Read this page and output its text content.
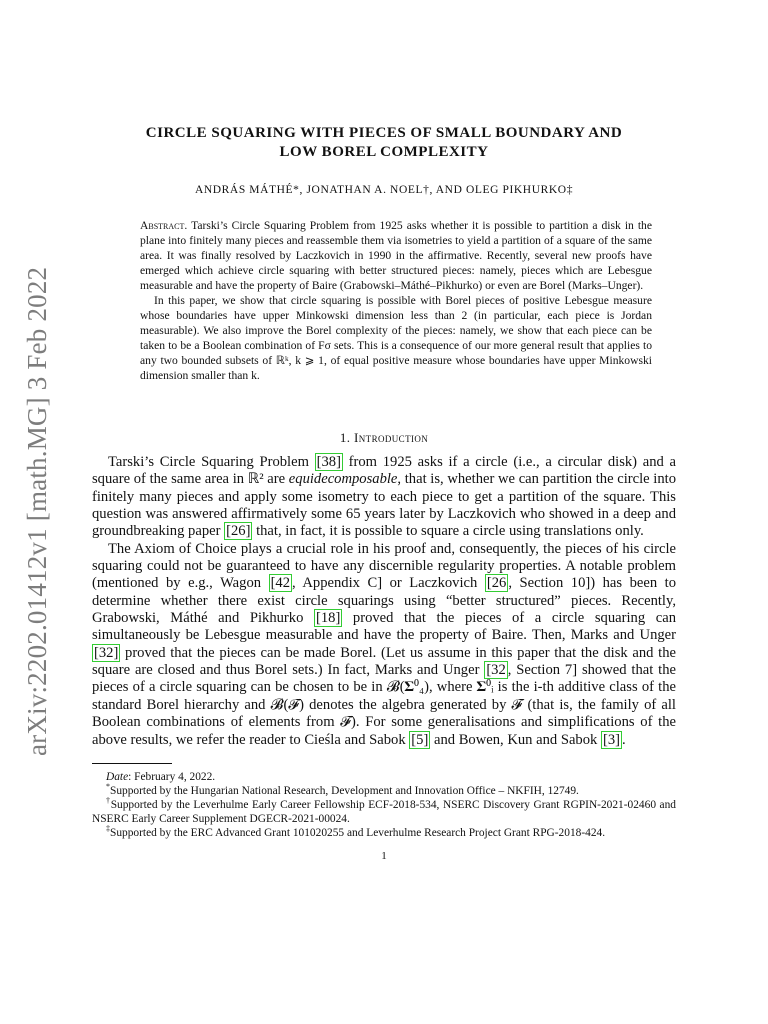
arXiv:2202.01412v1 [math.MG] 3 Feb 2022
CIRCLE SQUARING WITH PIECES OF SMALL BOUNDARY AND
LOW BOREL COMPLEXITY
ANDRÁS MÁTHÉ*, JONATHAN A. NOEL†, AND OLEG PIKHURKO‡

Abstract. Tarski’s Circle Squaring Problem from 1925 asks whether it is possible to partition a disk in the plane into finitely many pieces and reassemble them via isometries to yield a partition of a square of the same area. It was finally resolved by Laczkovich in 1990 in the affirmative. Recently, several new proofs have emerged which achieve circle squaring with better structured pieces: namely, pieces which are Lebesgue measurable and have the property of Baire (Grabowski–Máthé–Pikhurko) or even are Borel (Marks–Unger).

In this paper, we show that circle squaring is possible with Borel pieces of positive Lebesgue measure whose boundaries have upper Minkowski dimension less than 2 (in particular, each piece is Jordan measurable). We also improve the Borel complexity of the pieces: namely, we show that each piece can be taken to be a Boolean combination of Fσ sets. This is a consequence of our more general result that applies to any two bounded subsets of ℝᵏ, k ⩾ 1, of equal positive measure whose boundaries have upper Minkowski dimension smaller than k.

1. Introduction

Tarski’s Circle Squaring Problem [38] from 1925 asks if a circle (i.e., a circular disk) and a square of the same area in ℝ² are equidecomposable, that is, whether we can partition the circle into finitely many pieces and apply some isometry to each piece to get a partition of the square. This question was answered affirmatively some 65 years later by Laczkovich who showed in a deep and groundbreaking paper [26] that, in fact, it is possible to square a circle using translations only.

The Axiom of Choice plays a crucial role in his proof and, consequently, the pieces of his circle squaring could not be guaranteed to have any discernible regularity properties. A notable problem (mentioned by e.g., Wagon [42 , Appendix C] or Laczkovich [26 , Section 10]) has been to determine whether there exist circle squarings using “better structured” pieces. Recently, Grabowski, Máthé and Pikhurko [18] proved that the pieces of a circle squaring can simultaneously be Lebesgue measurable and have the property of Baire. Then, Marks and Unger [32] proved that the pieces can be made Borel. (Let us assume in this paper that the disk and the square are closed and thus Borel sets.) In fact, Marks and Unger [32 , Section 7] showed that the pieces of a circle squaring can be chosen to be in 𝓑(𝚺⁰₄), where 𝚺⁰ᵢ is the i-th additive class of the standard Borel hierarchy and 𝓑(𝓕) denotes the algebra generated by 𝓕 (that is, the family of all Boolean combinations of elements from 𝓕). For some generalisations and simplifications of the above results, we refer the reader to Cieśla and Sabok [5] and Bowen, Kun and Sabok [3] .

Date: February 4, 2022.

*Supported by the Hungarian National Research, Development and Innovation Office – NKFIH, 12749.

†Supported by the Leverhulme Early Career Fellowship ECF-2018-534, NSERC Discovery Grant RGPIN-2021-02460 and NSERC Early Career Supplement DGECR-2021-00024.

‡Supported by the ERC Advanced Grant 101020255 and Leverhulme Research Project Grant RPG-2018-424.

1
